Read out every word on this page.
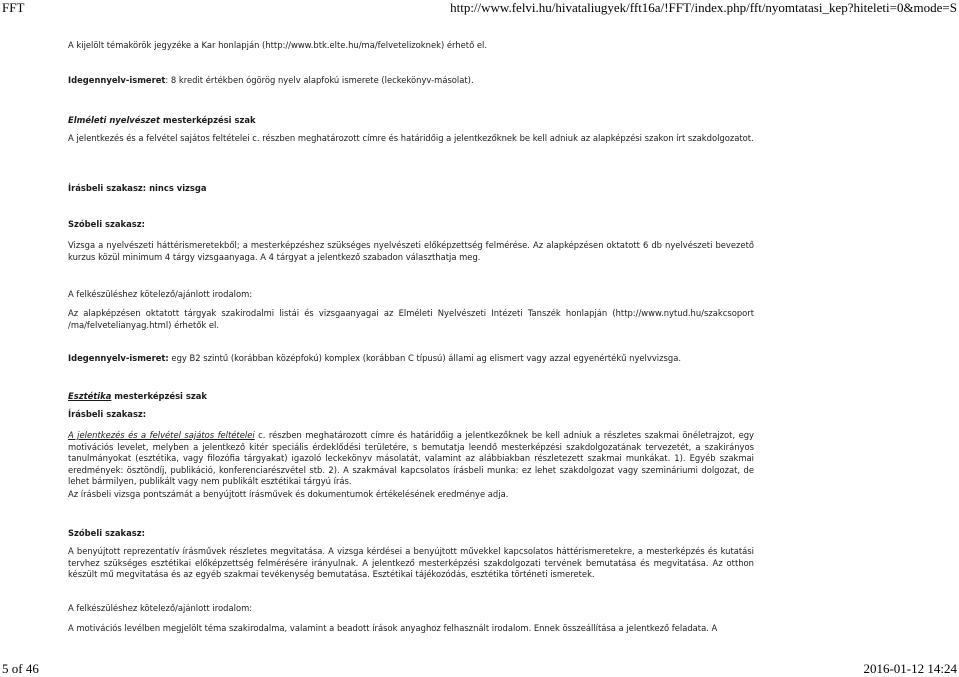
FFT	http://www.felvi.hu/hivataliugyek/fft16a/!FFT/index.php/fft/nyomtatasi_kep?hiteleti=0&mode=S

A kijelölt témakörök jegyzéke a Kar honlapján (http://www.btk.elte.hu/ma/felvetelizoknek) érhető el.

Idegennyelv-ismeret: 8 kredit értékben ógörög nyelv alapfokú ismerete (leckekönyv-másolat).

Elméleti nyelvészet mesterképzési szak

A jelentkezés és a felvétel sajátos feltételei c. részben meghatározott címre és határidőig a jelentkezőknek be kell adniuk az alapképzési szakon írt szakdolgozatot.

Írásbeli szakasz: nincs vizsga

Szóbeli szakasz:

Vizsga a nyelvészeti háttérismeretekből; a mesterképzéshez szükséges nyelvészeti előképzettség felmérése. Az alapképzésen oktatott 6 db nyelvészeti bevezető kurzus közül minimum 4 tárgy vizsgaanyaga. A 4 tárgyat a jelentkező szabadon választhatja meg.

A felkészüléshez kötelező/ajánlott irodalom:

Az alapképzésen oktatott tárgyak szakirodalmi listái és vizsgaanyagai az Elméleti Nyelvészeti Intézeti Tanszék honlapján (http://www.nytud.hu/szakcsoport /ma/felvetelianyag.html) érhetők el.

Idegennyelv-ismeret: egy B2 szintű (korábban középfokú) komplex (korábban C típusú) állami ag elismert vagy azzal egyenértékű nyelvvizsga.

Esztétika mesterképzési szak

Írásbeli szakasz:

A jelentkezés és a felvétel sajátos feltételei c. részben meghatározott címre és határidőig a jelentkezőknek be kell adniuk a részletes szakmai önéletrajzot, egy motivációs levelet, melyben a jelentkező kitér speciális érdeklődési területére, s bemutatja leendő mesterképzési szakdolgozatának tervezetét, a szakirányos tanulmányokat (esztétika, vagy filozófia tárgyakat) igazoló leckekönyv másolatát, valamint az alábbiakban részletezett szakmai munkákat. 1). Egyéb szakmai eredmények: ösztöndíj, publikáció, konferenciarészvétel stb. 2). A szakmával kapcsolatos írásbeli munka: ez lehet szakdolgozat vagy szemináriumi dolgozat, de lehet bármilyen, publikált vagy nem publikált esztétikai tárgyú írás.

Az írásbeli vizsga pontszámát a benyújtott írásművek és dokumentumok értékelésének eredménye adja.

Szóbeli szakasz:

A benyújtott reprezentatív írásművek részletes megvitatása. A vizsga kérdései a benyújtott művekkel kapcsolatos háttérismeretekre, a mesterképzés és kutatási tervhez szükséges esztétikai előképzettség felmérésére irányulnak. A jelentkező mesterképzési szakdolgozati tervének bemutatása és megvitatása. Az otthon készült mű megvitatása és az egyéb szakmai tevékenység bemutatása. Esztétikai tájékozódás, esztétika történeti ismeretek.

A felkészüléshez kötelező/ajánlott irodalom:

A motivációs levélben megjelölt téma szakirodalma, valamint a beadott írások anyaghoz felhasznált irodalom. Ennek összeállítása a jelentkező feladata. A

5 of 46	2016-01-12 14:24
